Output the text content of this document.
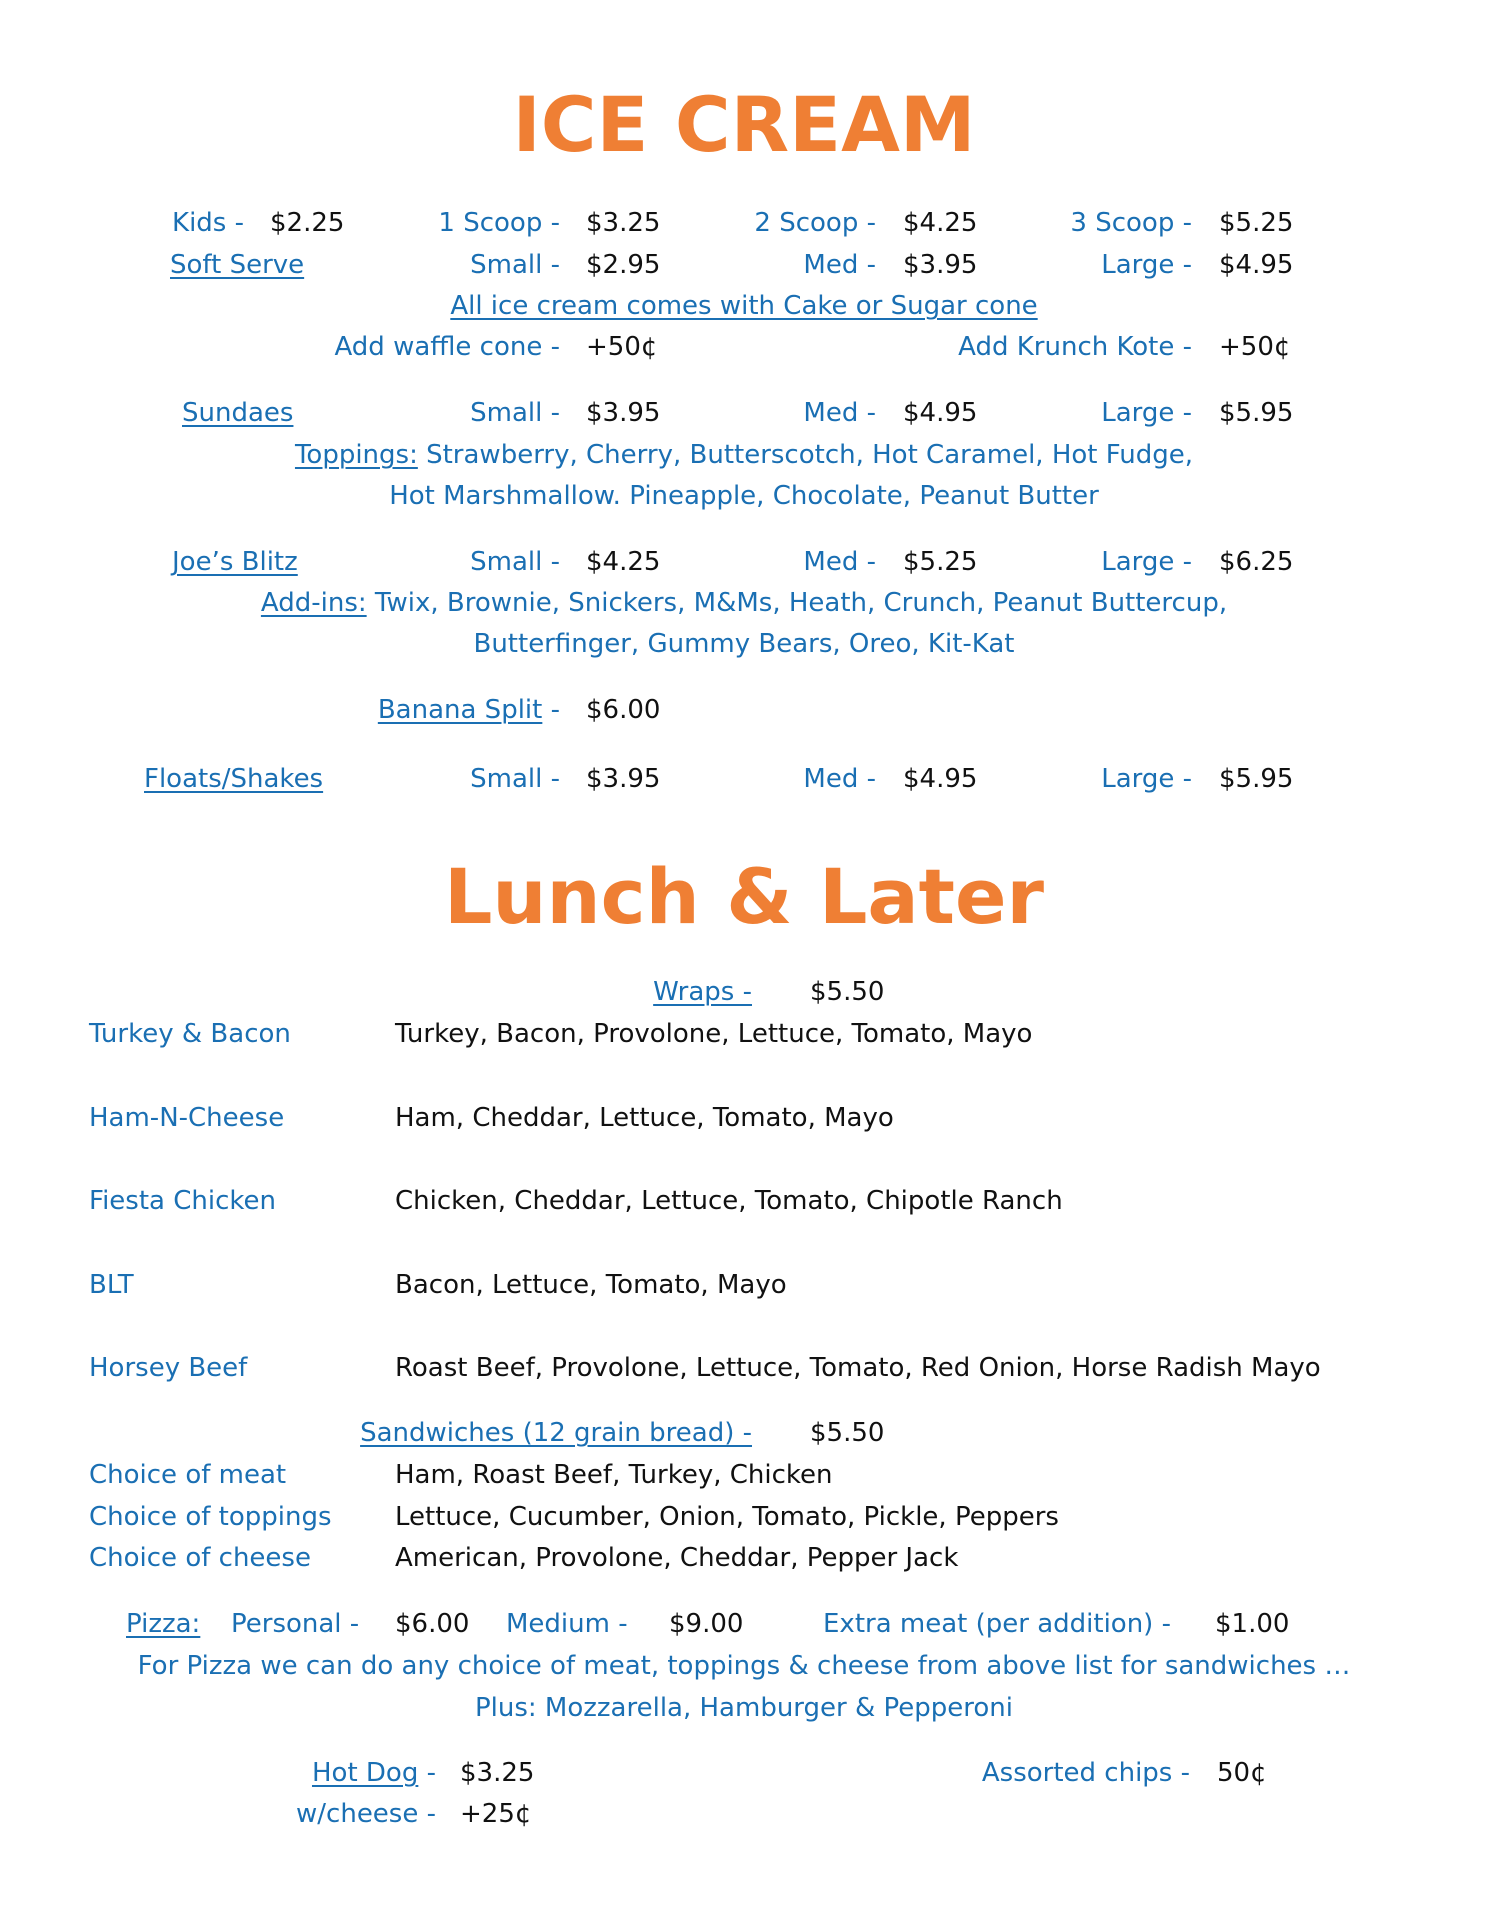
ICE CREAM
Kids - $2.25	1 Scoop - $3.25	2 Scoop - $4.25	3 Scoop - $5.25
Soft Serve	Small - $2.95	Med - $3.95	Large - $4.95
All ice cream comes with Cake or Sugar cone
Add waffle cone - +50¢	Add Krunch Kote - +50¢
Sundaes	Small - $3.95	Med - $4.95	Large - $5.95
Toppings: Strawberry, Cherry, Butterscotch, Hot Caramel, Hot Fudge,
Hot Marshmallow. Pineapple, Chocolate, Peanut Butter
Joe’s Blitz	Small - $4.25	Med - $5.25	Large - $6.25
Add-ins: Twix, Brownie, Snickers, M&Ms, Heath, Crunch, Peanut Buttercup,
Butterfinger, Gummy Bears, Oreo, Kit-Kat
Banana Split - $6.00
Floats/Shakes	Small - $3.95	Med - $4.95	Large - $5.95
Lunch & Later
Wraps - $5.50
Turkey & Bacon	Turkey, Bacon, Provolone, Lettuce, Tomato, Mayo
Ham-N-Cheese	Ham, Cheddar, Lettuce, Tomato, Mayo
Fiesta Chicken	Chicken, Cheddar, Lettuce, Tomato, Chipotle Ranch
BLT	Bacon, Lettuce, Tomato, Mayo
Horsey Beef	Roast Beef, Provolone, Lettuce, Tomato, Red Onion, Horse Radish Mayo
Sandwiches (12 grain bread) - $5.50
Choice of meat	Ham, Roast Beef, Turkey, Chicken
Choice of toppings Lettuce, Cucumber, Onion, Tomato, Pickle, Peppers
Choice of cheese	American, Provolone, Cheddar, Pepper Jack
Pizza: Personal - $6.00 Medium - $9.00	Extra meat (per addition) - $1.00
For Pizza we can do any choice of meat, toppings & cheese from above list for sandwiches …
Plus: Mozzarella, Hamburger & Pepperoni
Hot Dog - $3.25
w/cheese - +25¢
Assorted chips - 50¢
